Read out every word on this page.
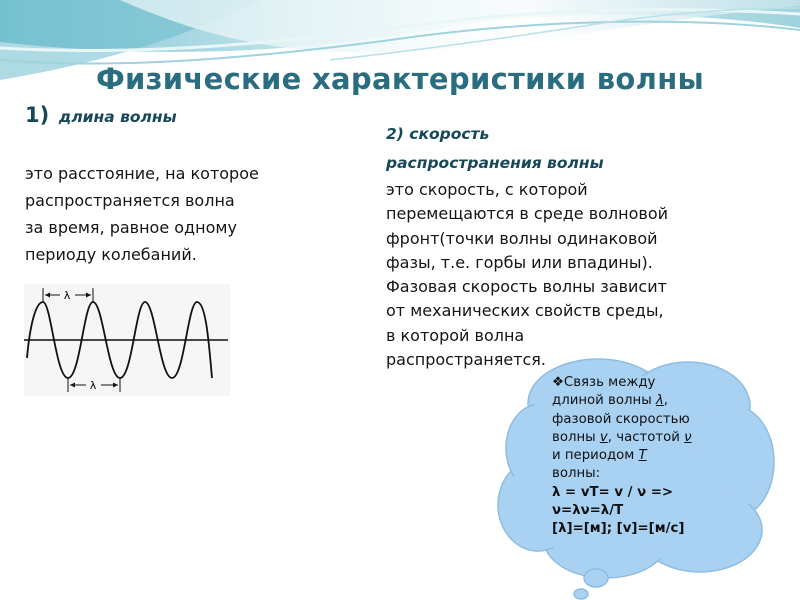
Физические характеристики волны
1) длина волны
это расстояние, на которое
распространяется волна
за время, равное одному
периоду колебаний.
λ
λ
2) скорость
распространения волны
это скорость, с которой
перемещаются в среде волновой
фронт(точки волны одинаковой
фазы, т.е. горбы или впадины).
Фазовая скорость волны зависит
от механических свойств среды,
в которой волна
распространяется.
❖Связь между
длиной волны λ,
фазовой скоростью
волны v, частотой ν
и периодом T
волны:
λ = vT= v / ν =>
ν=λν=λ/T
[λ]=[м]; [v]=[м/с]
